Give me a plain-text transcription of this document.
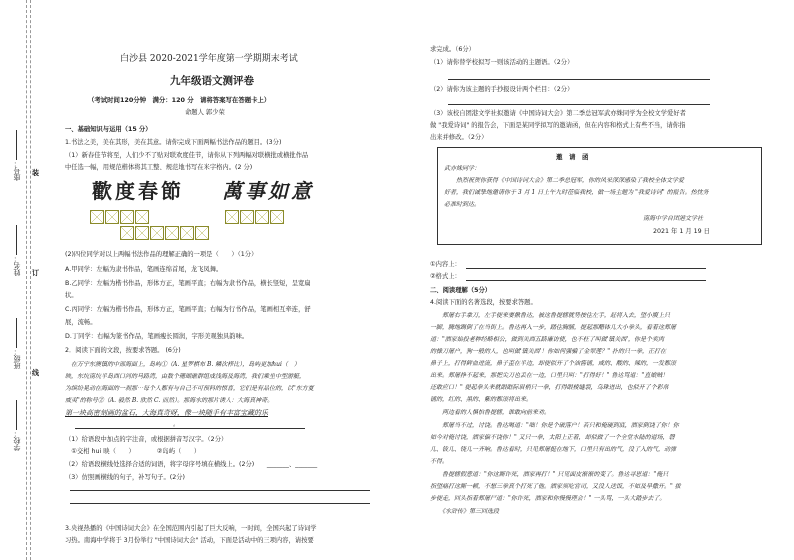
装
订
线
学校：
班级：
姓名：
座号：
白沙县 2020-2021学年度第一学期期末考试
九年级语文测评卷
（考试时间120分钟　满分：120 分　请将答案写在答题卡上）
命题人 郭少荣
一、基础知识与运用（15 分）
1.书法之美，美在其形，美在其意。请你完成下面两幅书法作品的题目。(3分)
（1）新春佳节将至，人们少不了贴对联欢度佳节，请你从下列两幅对联横批或横批作品
中任选一幅，用规范楷体将其工整、规范地书写在米字格内。(2 分)
歡度春節 萬事如意
(2)四位同学对以上两幅书法作品的理解正确的一项是（　　）（1分）
A.甲同学：左幅为隶书作品，笔画连绵首尾，龙飞凤舞。
B.乙同学：左幅为楷书作品，形体方正，笔画平直；右幅为隶书作品，横长竖短，呈宽扁
状。
C.丙同学：左幅为楷书作品，形体方正，笔画平直；右幅为行书作品，笔画相互牵连，舒
展，流畅。
D.丁同学：右幅为篆书作品，笔画瘦长圆润，字形美观独具韵味。
2．阅读下面的文段，按要求答题。 (6分)
　在万宁东澳镇的中部海面上，岛屿①（A. 星罗棋布 B. 鳞次栉比），岛屿更加hui（　）
映，东坑南坑半岛西口河的马路湾，由数个珊瑚礁群组成浅海及海湾，我们乘坐中型游艇，
为缤纷晃动在海面的一刹那⋯每个人都有与自己不可预料的惊喜，它们是有品位的，以"东方夏
威夷"的称号②（A. 毅然 B. 欣然 C. 而然）。那海水的那片诱人：大海真神奇。
第一块高密刻画的盆石，大海真奇呀，像一块随手有丰富宝藏的乐
　　　　　　　　　　　　　　　　　　。
（1）给语段中加点的字注音，或根据拼音写汉字。（2分）
　①交相 hui 映（　　）　　　　②岛屿（　　）
（2）给语段横线处选择合适的词语，将字母序号填在横线上。(2分)　　_______、_______
（3）仿照画横线的句子，补写句子。(2分)
3.央视热播的《中国诗词大会》在全国范围内引起了巨大反响，一时间，全国兴起了诗词学
习热。南海中学将于 3月份举行 "中国诗词大会" 活动，下面是活动中的三项内容，请按要
求完成。（6分）
（1）请你替学校拟写一则该活动的主题语。（2分）
（2）请你为该主题的手抄报设计两个栏目：（2分）
（3）该校自团港文学社拟邀请《中国诗词大会》第二季总冠军武亦姝同学为全校文学爱好者
做 "我爱诗词" 的报告会，下面是某同学拟写的邀请函，但在内容和格式上有些不当，请你指
出来并修改。（2分）
邀　请　函
武亦姝同学：
　　热烈祝贺你获得《中国诗词大会》第二季总冠军，你的风采深深感染了我校全体文学爱
好者，我们诚挚地邀请你于 3 月 1 日上午九时莅临我校，做一场主题为 "我爱诗词" 的报告。热忱务
必准时到达。
南海中学自团港文学社
2021 年 1 月 19 日
①内容上：
②格式上：
二、阅读理解（5分）
4.阅读下面的名著选段，按要求答题。
　　郑屠右手拿刀，左手便来要揪鲁达，被这鲁提辖就势按住左手，赶将入去，望小腹上只
一脚，腾地踢倒了在当街上。鲁达再入一步，踏住胸脯，提起那醋钵儿大小拳头，看着这郑屠
道："洒家始投老种经略相公，做到关西五路廉访使，也不枉了叫做'镇关西'，你是个卖肉
的操刀屠户，狗一般的人，也叫做'镇关西'！你如何强骗了金翠莲？" 扑的只一拳，正打在
鼻子上，打得鲜血迸流，鼻子歪在半边，却便似开了个油酱铺，咸的、酸的、辣的，一发都滚
出来。郑屠挣不起来，那把尖刀也丢在一边，口里只叫："打得好！" 鲁达骂道："直娘贼！
还敢应口！" 提起拳头来就眼眶际眉梢只一拳，打得眼棱缝裂，乌珠迸出，也似开了个彩帛
铺的，红的、黑的、紫的都滚将出来。
　　两边看的人惧怕鲁提辖，谁敢向前来劝。
　　郑屠当不过，讨饶。鲁达喝道："咄！你是个破落户！若只和俺硬到底，洒家倒饶了你！你
如今对俺讨饶，洒家偏不饶你！" 又只一拳，太阳上正着，却似做了一个全堂水陆的道场，磬
儿、钹儿、铙儿一齐响。鲁达看时，只见郑屠挺在地下，口里只有出的气，没了入的气，动弹
不得。
　　鲁提辖假意道："你这厮诈死，洒家再打！" 只见面皮渐渐的变了。鲁达寻思道："俺只
指望痛打这厮一顿，不想三拳真个打死了他。洒家须吃官司，又没人送饭，不如及早撒开。" 拔
步便走，回头指着郑屠尸道："你诈死，洒家和你慢慢理会！" 一头骂，一头大踏步去了。
　　《水浒传》第三回选段
